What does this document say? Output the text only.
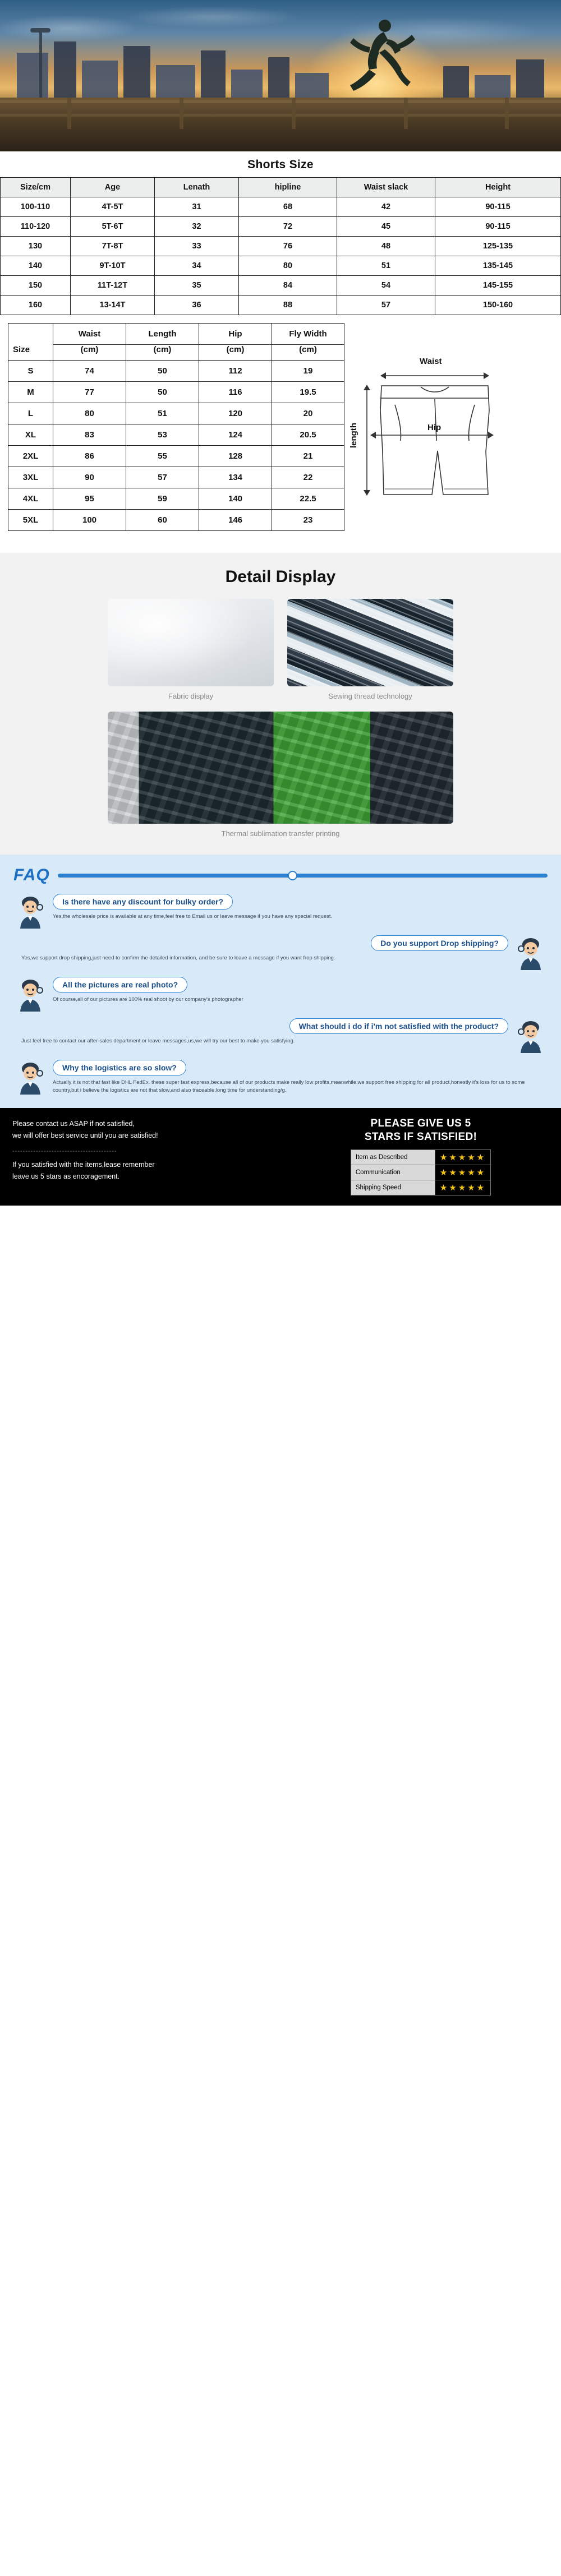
Shorts Size
Size/cm	Age	Lenath	hipline	Waist slack	Height
100-110	4T-5T	31	68	42	90-115
110-120	5T-6T	32	72	45	90-115
130	7T-8T	33	76	48	125-135
140	9T-10T	34	80	51	135-145
150	11T-12T	35	84	54	145-155
160	13-14T	36	88	57	150-160
Size	Waist	Length	Hip	Fly Width
	(cm)	(cm)	(cm)	(cm)
S	74	50	112	19
M	77	50	116	19.5
L	80	51	120	20
XL	83	53	124	20.5
2XL	86	55	128	21
3XL	90	57	134	22
4XL	95	59	140	22.5
5XL	100	60	146	23
Waist
length	Hip
Detail Display
Fabric display	Sewing thread technology
Thermal sublimation transfer printing
FAQ
Is there have any discount for bulky order?
Yes,the wholesale price is available at any time,feel free to Email us or leave message if you have any special request.
Do you support Drop shipping?
Yes,we support drop shipping,just need to confirm the detailed information, and be sure to leave a message if you want frop shipping.
All the pictures are real photo?
Of course,all of our pictures are 100% real shoot by our company's photographer
What should i do if i'm not satisfied with the product?
Just feel free to contact our after-sales department or leave messages,us,we will try our best to make you satisfying.
Why the logistics are so slow?
Actually it is not that fast like DHL FedEx. these super fast express,because all of our products make really low profits,meanwhile,we support free shipping for all product,honestly it's loss for us to some country,but i believe the logistics are not that slow,and also traceable,long time for understanding/g.
Please contact us ASAP if not satisfied,
we will offer best service until you are satisfied!
----------------------------------------
If you satisfied with the items,lease remember
leave us 5 stars as encoragement.
PLEASE GIVE US 5
STARS IF SATISFIED!
Item as Described	★★★★★
Communication	★★★★★
Shipping Speed	★★★★★
